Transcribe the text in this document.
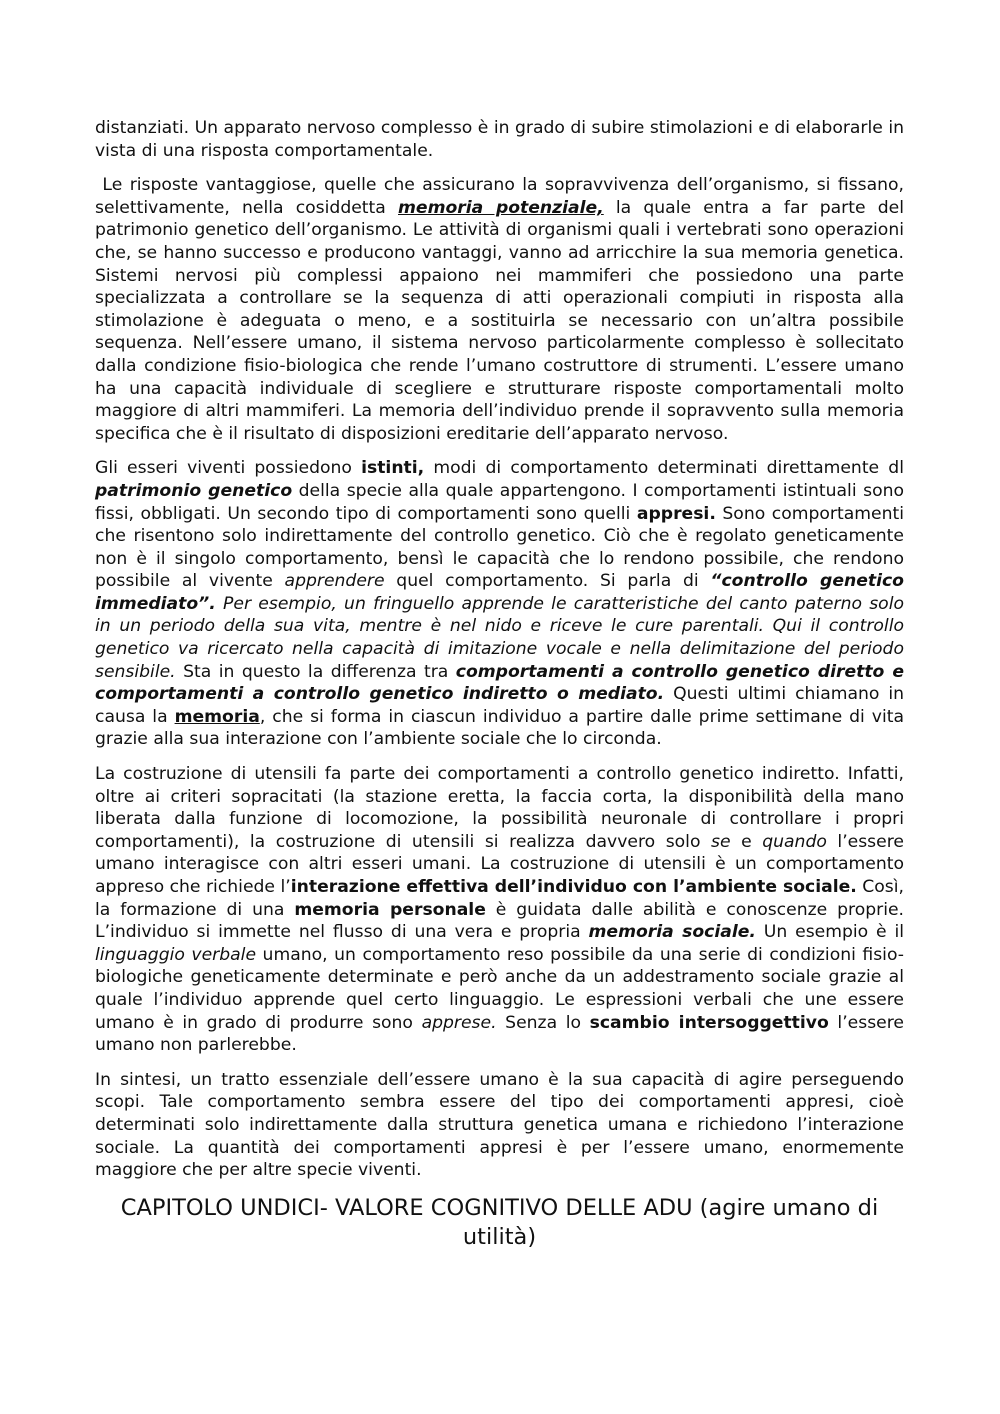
distanziati. Un apparato nervoso complesso è in grado di subire stimolazioni e di elaborarle in vista di una risposta comportamentale.

Le risposte vantaggiose, quelle che assicurano la sopravvivenza dell’organismo, si fissano, selettivamente, nella cosiddetta memoria potenziale, la quale entra a far parte del patrimonio genetico dell’organismo. Le attività di organismi quali i vertebrati sono operazioni che, se hanno successo e producono vantaggi, vanno ad arricchire la sua memoria genetica. Sistemi nervosi più complessi appaiono nei mammiferi che possiedono una parte specializzata a controllare se la sequenza di atti operazionali compiuti in risposta alla stimolazione è adeguata o meno, e a sostituirla se necessario con un’altra possibile sequenza. Nell’essere umano, il sistema nervoso particolarmente complesso è sollecitato dalla condizione fisio-biologica che rende l’umano costruttore di strumenti. L’essere umano ha una capacità individuale di scegliere e strutturare risposte comportamentali molto maggiore di altri mammiferi. La memoria dell’individuo prende il sopravvento sulla memoria specifica che è il risultato di disposizioni ereditarie dell’apparato nervoso.

Gli esseri viventi possiedono istinti, modi di comportamento determinati direttamente dl patrimonio genetico della specie alla quale appartengono. I comportamenti istintuali sono fissi, obbligati. Un secondo tipo di comportamenti sono quelli appresi. Sono comportamenti che risentono solo indirettamente del controllo genetico. Ciò che è regolato geneticamente non è il singolo comportamento, bensì le capacità che lo rendono possibile, che rendono possibile al vivente apprendere quel comportamento. Si parla di “controllo genetico immediato”. Per esempio, un fringuello apprende le caratteristiche del canto paterno solo in un periodo della sua vita, mentre è nel nido e riceve le cure parentali. Qui il controllo genetico va ricercato nella capacità di imitazione vocale e nella delimitazione del periodo sensibile. Sta in questo la differenza tra comportamenti a controllo genetico diretto e comportamenti a controllo genetico indiretto o mediato. Questi ultimi chiamano in causa la memoria, che si forma in ciascun individuo a partire dalle prime settimane di vita grazie alla sua interazione con l’ambiente sociale che lo circonda.

La costruzione di utensili fa parte dei comportamenti a controllo genetico indiretto. Infatti, oltre ai criteri sopracitati (la stazione eretta, la faccia corta, la disponibilità della mano liberata dalla funzione di locomozione, la possibilità neuronale di controllare i propri comportamenti), la costruzione di utensili si realizza davvero solo se e quando l’essere umano interagisce con altri esseri umani. La costruzione di utensili è un comportamento appreso che richiede l’interazione effettiva dell’individuo con l’ambiente sociale. Così, la formazione di una memoria personale è guidata dalle abilità e conoscenze proprie. L’individuo si immette nel flusso di una vera e propria memoria sociale. Un esempio è il linguaggio verbale umano, un comportamento reso possibile da una serie di condizioni fisio- biologiche geneticamente determinate e però anche da un addestramento sociale grazie al quale l’individuo apprende quel certo linguaggio. Le espressioni verbali che une essere umano è in grado di produrre sono apprese. Senza lo scambio intersoggettivo l’essere umano non parlerebbe.

In sintesi, un tratto essenziale dell’essere umano è la sua capacità di agire perseguendo scopi. Tale comportamento sembra essere del tipo dei comportamenti appresi, cioè determinati solo indirettamente dalla struttura genetica umana e richiedono l’interazione sociale. La quantità dei comportamenti appresi è per l’essere umano, enormemente maggiore che per altre specie viventi.

CAPITOLO UNDICI- VALORE COGNITIVO DELLE ADU (agire umano di utilità)
